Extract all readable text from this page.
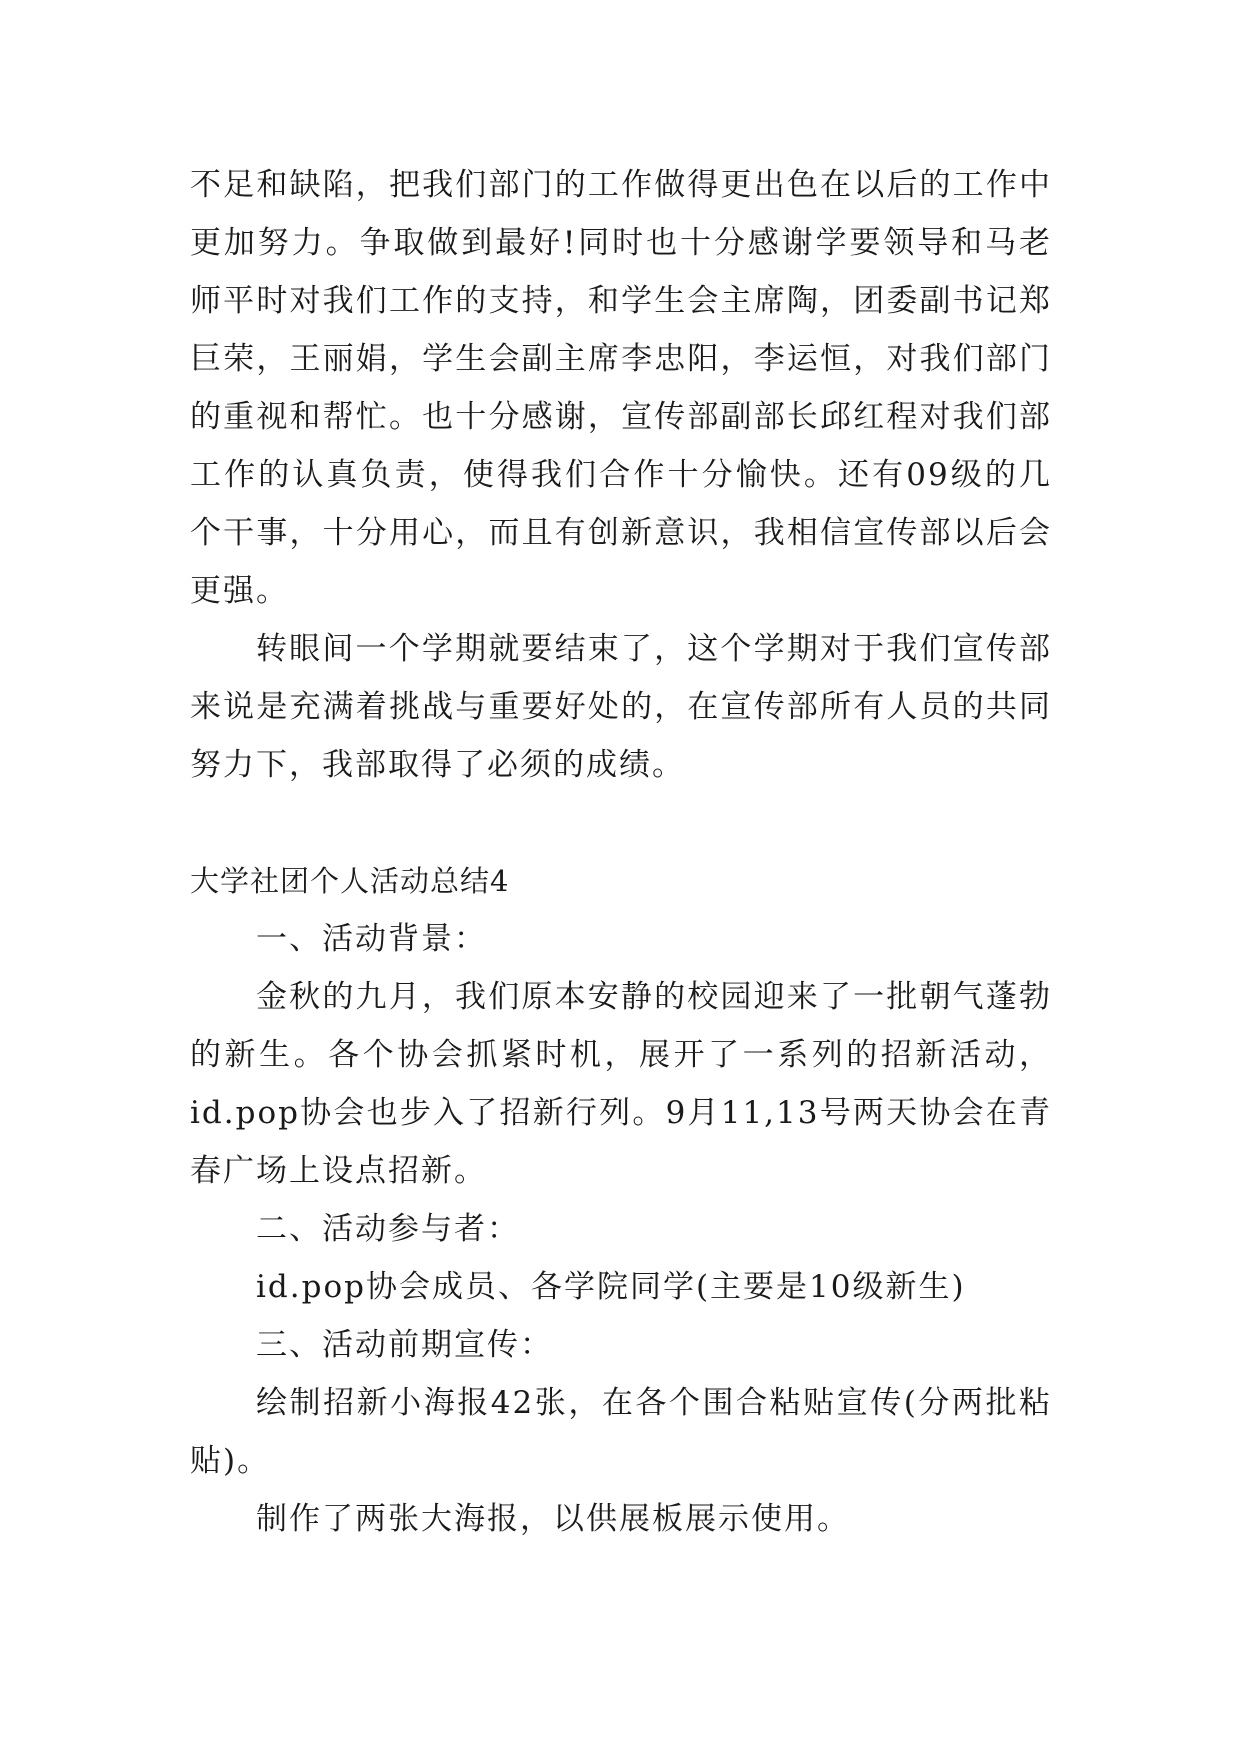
不足和缺陷，把我们部门的工作做得更出色在以后的工作中更加努力。争取做到最好!同时也十分感谢学要领导和马老师平时对我们工作的支持，和学生会主席陶，团委副书记郑巨荣，王丽娟，学生会副主席李忠阳，李运恒，对我们部门的重视和帮忙。也十分感谢，宣传部副部长邱红程对我们部工作的认真负责，使得我们合作十分愉快。还有09级的几个干事，十分用心，而且有创新意识，我相信宣传部以后会更强。

转眼间一个学期就要结束了，这个学期对于我们宣传部来说是充满着挑战与重要好处的，在宣传部所有人员的共同努力下，我部取得了必须的成绩。

大学社团个人活动总结4

一、活动背景：

金秋的九月，我们原本安静的校园迎来了一批朝气蓬勃的新生。各个协会抓紧时机，展开了一系列的招新活动，id.pop协会也步入了招新行列。9月11,13号两天协会在青春广场上设点招新。

二、活动参与者：

id.pop协会成员、各学院同学(主要是10级新生)

三、活动前期宣传：

绘制招新小海报42张，在各个围合粘贴宣传(分两批粘贴)。

制作了两张大海报，以供展板展示使用。
